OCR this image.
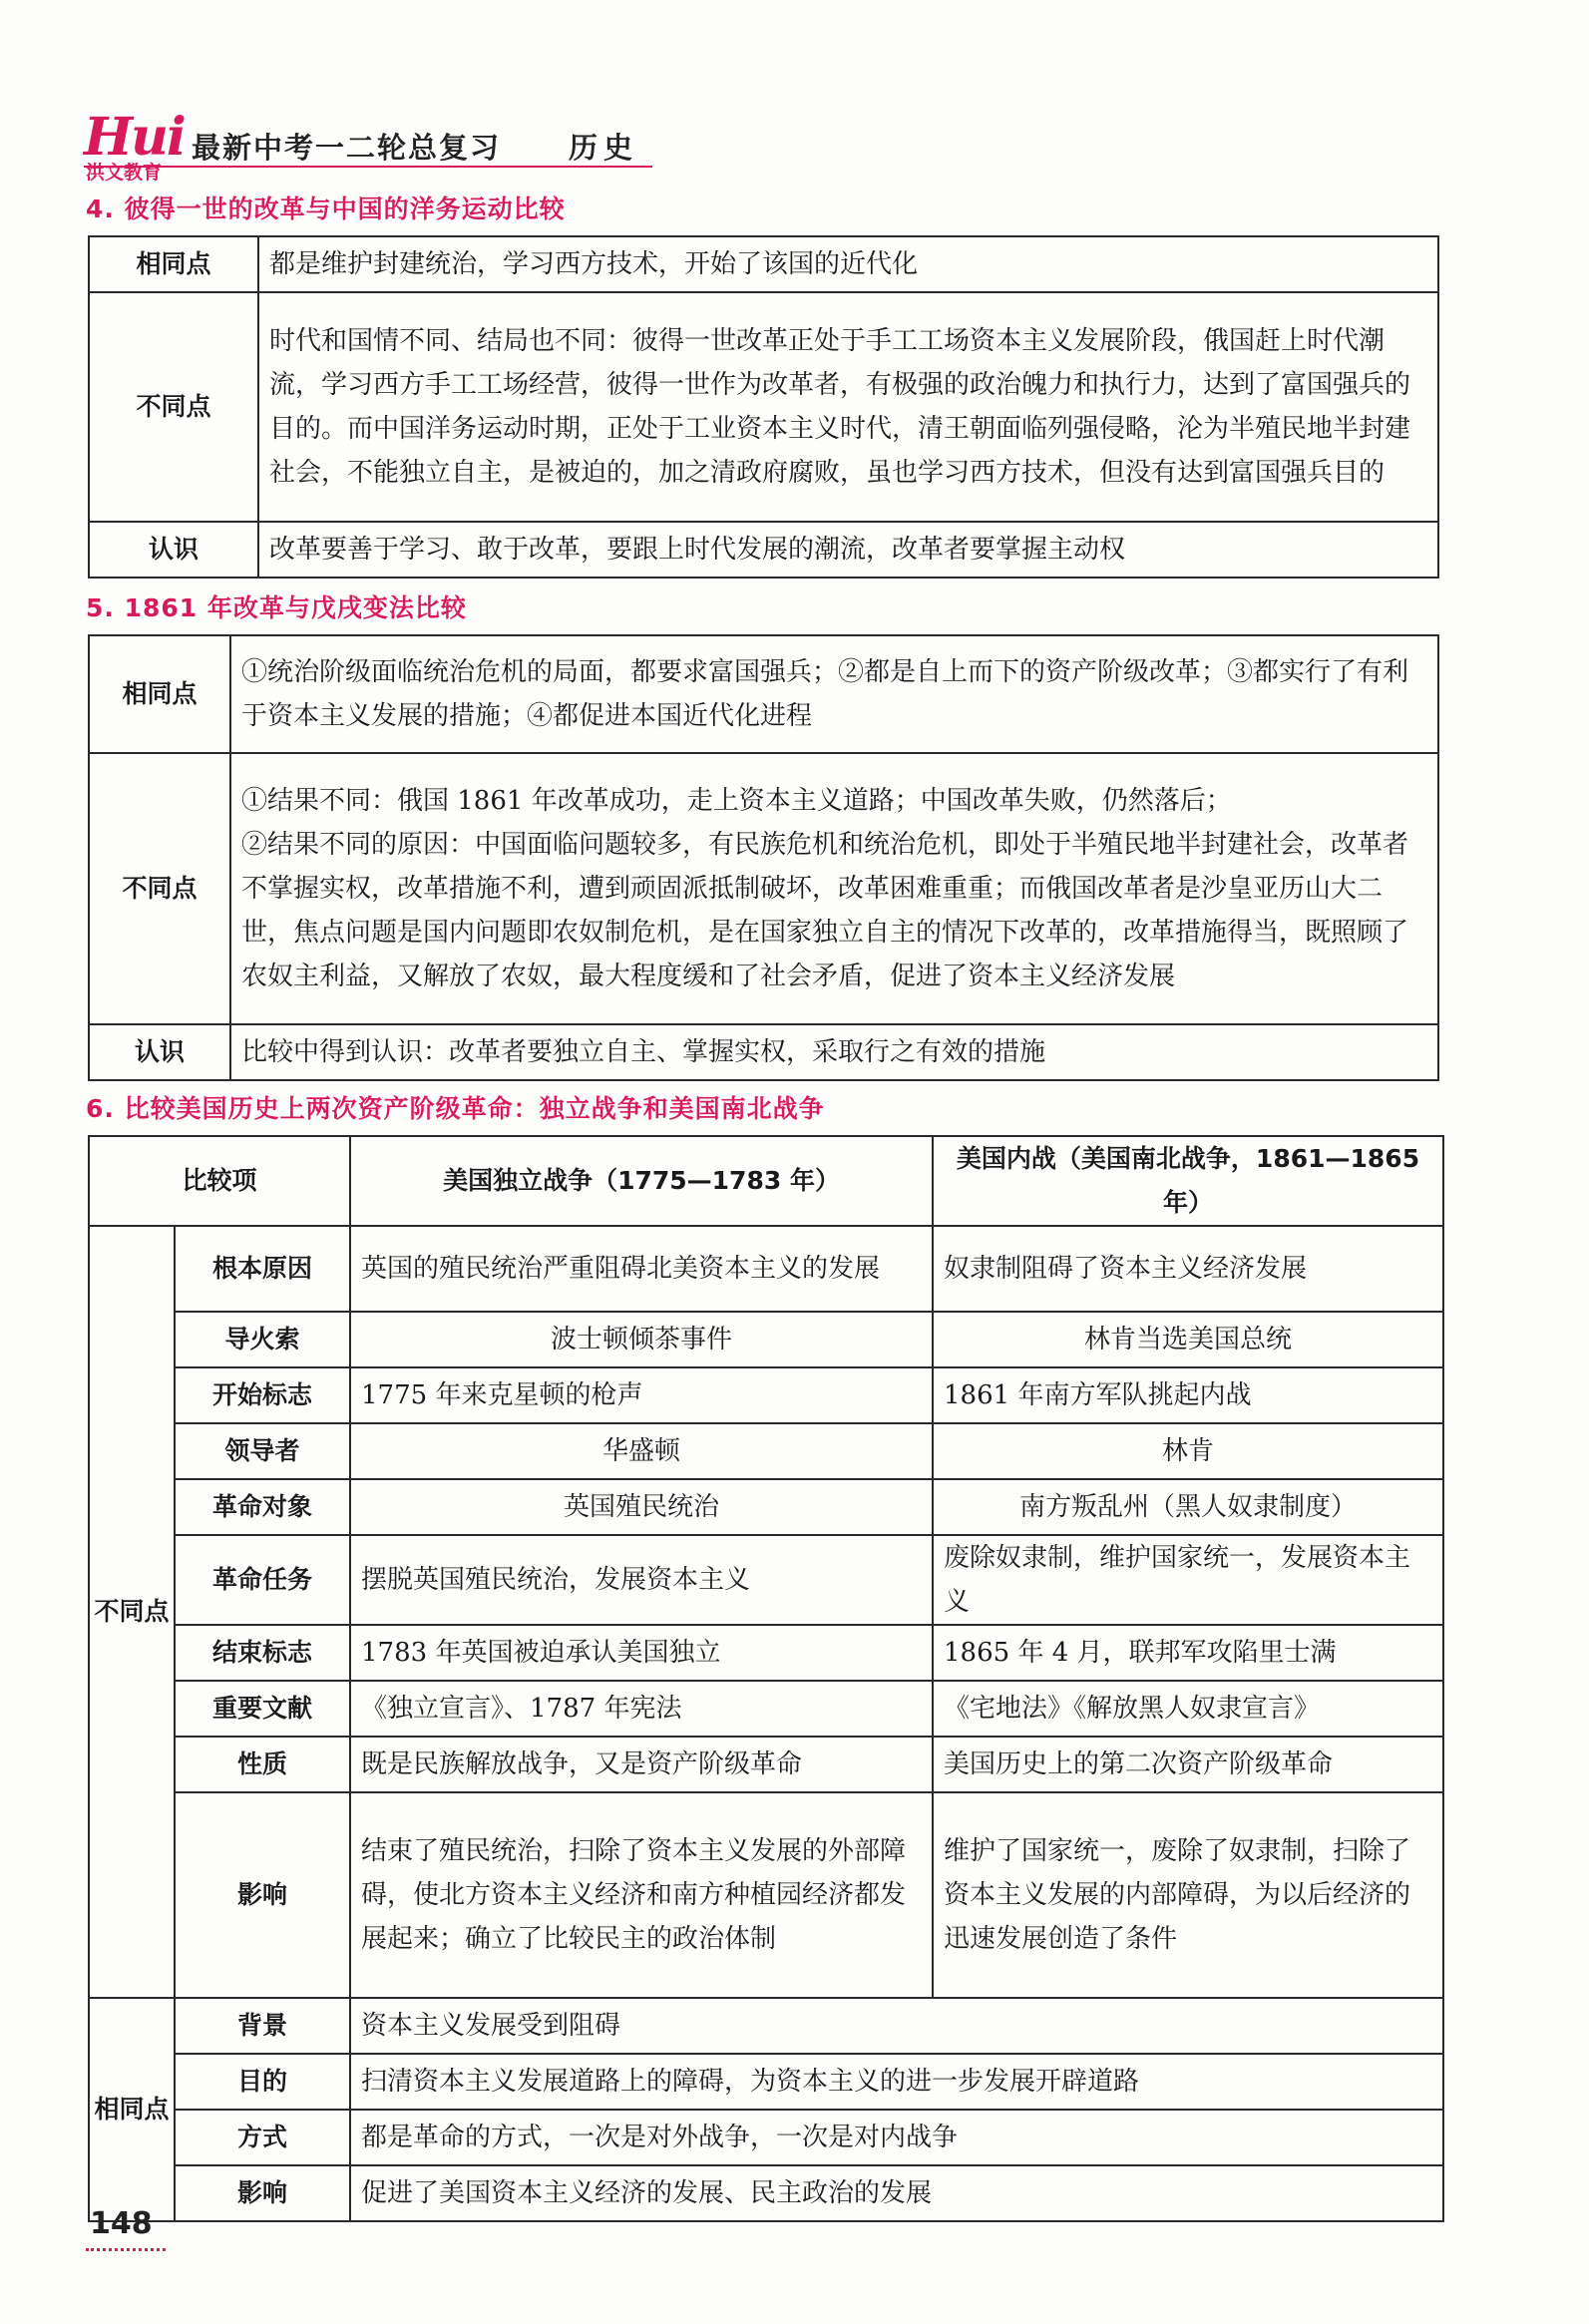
Hui
洪文教育
最新中考一二轮总复习 历史
4. 彼得一世的改革与中国的洋务运动比较
相同点	都是维护封建统治，学习西方技术，开始了该国的近代化
不同点	时代和国情不同、结局也不同：彼得一世改革正处于手工工场资本主义发展阶段，俄国赶上时代潮流，学习西方手工工场经营，彼得一世作为改革者，有极强的政治魄力和执行力，达到了富国强兵的目的。而中国洋务运动时期，正处于工业资本主义时代，清王朝面临列强侵略，沦为半殖民地半封建社会，不能独立自主，是被迫的，加之清政府腐败，虽也学习西方技术，但没有达到富国强兵目的
认识	改革要善于学习、敢于改革，要跟上时代发展的潮流，改革者要掌握主动权
5. 1861 年改革与戊戌变法比较
相同点	①统治阶级面临统治危机的局面，都要求富国强兵；②都是自上而下的资产阶级改革；③都实行了有利于资本主义发展的措施；④都促进本国近代化进程
不同点	①结果不同：俄国 1861 年改革成功，走上资本主义道路；中国改革失败，仍然落后；
②结果不同的原因：中国面临问题较多，有民族危机和统治危机，即处于半殖民地半封建社会，改革者不掌握实权，改革措施不利，遭到顽固派抵制破坏，改革困难重重；而俄国改革者是沙皇亚历山大二世，焦点问题是国内问题即农奴制危机，是在国家独立自主的情况下改革的，改革措施得当，既照顾了农奴主利益，又解放了农奴，最大程度缓和了社会矛盾，促进了资本主义经济发展

认识	比较中得到认识：改革者要独立自主、掌握实权，采取行之有效的措施
6. 比较美国历史上两次资产阶级革命：独立战争和美国南北战争
比较项		美国独立战争（1775—1783 年）	美国内战（美国南北战争，1861—1865 年）

不同点	根本原因	英国的殖民统治严重阻碍北美资本主义的发展	奴隶制阻碍了资本主义经济发展
	导火索	波士顿倾茶事件	林肯当选美国总统
	开始标志	1775 年来克星顿的枪声	1861 年南方军队挑起内战
	领导者	华盛顿	林肯
	革命对象	英国殖民统治	南方叛乱州（黑人奴隶制度）
	革命任务	摆脱英国殖民统治，发展资本主义	废除奴隶制，维护国家统一，发展资本主义
	结束标志	1783 年英国被迫承认美国独立	1865 年 4 月，联邦军攻陷里士满
	重要文献	《独立宣言》、1787 年宪法	《宅地法》《解放黑人奴隶宣言》
	性质	既是民族解放战争，又是资产阶级革命	美国历史上的第二次资产阶级革命
	影响	结束了殖民统治，扫除了资本主义发展的外部障碍，使北方资本主义经济和南方种植园经济都发展起来；确立了比较民主的政治体制	维护了国家统一，废除了奴隶制，扫除了资本主义发展的内部障碍，为以后经济的迅速发展创造了条件

相同点	背景	资本主义发展受到阻碍	
	目的	扫清资本主义发展道路上的障碍，为资本主义的进一步发展开辟道路	
	方式	都是革命的方式，一次是对外战争，一次是对内战争	
	影响	促进了美国资本主义经济的发展、民主政治的发展	
148
